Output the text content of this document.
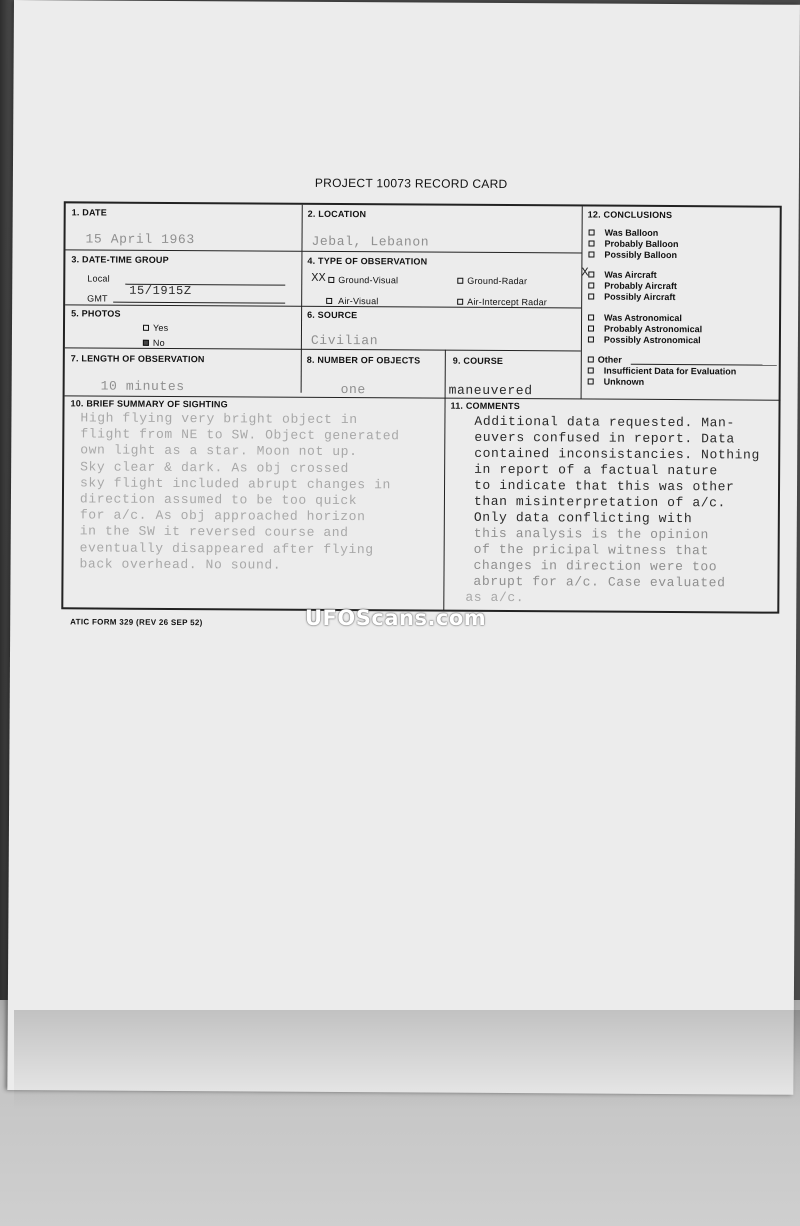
PROJECT 10073 RECORD CARD
1. DATE
15 April 1963
2. LOCATION
Jebal, Lebanon
3. DATE-TIME GROUP
Local
GMT
15/1915Z
4. TYPE OF OBSERVATION
XX	Ground-Visual	Ground-Radar
Air-Visual	Air-Intercept Radar
5. PHOTOS
Yes
No
6. SOURCE
Civilian
7. LENGTH OF OBSERVATION
10 minutes
8. NUMBER OF OBJECTS
one
9. COURSE
maneuvered
10. BRIEF SUMMARY OF SIGHTING
High flying very bright object in
flight from NE to SW. Object generated
own light as a star. Moon not up.
Sky clear & dark. As obj crossed
sky flight included abrupt changes in
direction assumed to be too quick
for a/c. As obj approached horizon
in the SW it reversed course and
eventually disappeared after flying
back overhead. No sound.
11. COMMENTS
Additional data requested. Man-
euvers confused in report. Data
contained inconsistancies. Nothing
in report of a factual nature
to indicate that this was other
than misinterpretation of a/c.
Only data conflicting with
this analysis is the opinion
of the pricipal witness that
changes in direction were too
abrupt for a/c. Case evaluated
as a/c.
12. CONCLUSIONS
Was Balloon
Probably Balloon
Possibly Balloon
X	Was Aircraft
Probably Aircraft
Possibly Aircraft
Was Astronomical
Probably Astronomical
Possibly Astronomical
Other
Insufficient Data for Evaluation
Unknown
ATIC FORM 329 (REV 26 SEP 52)	UFOScans.com
